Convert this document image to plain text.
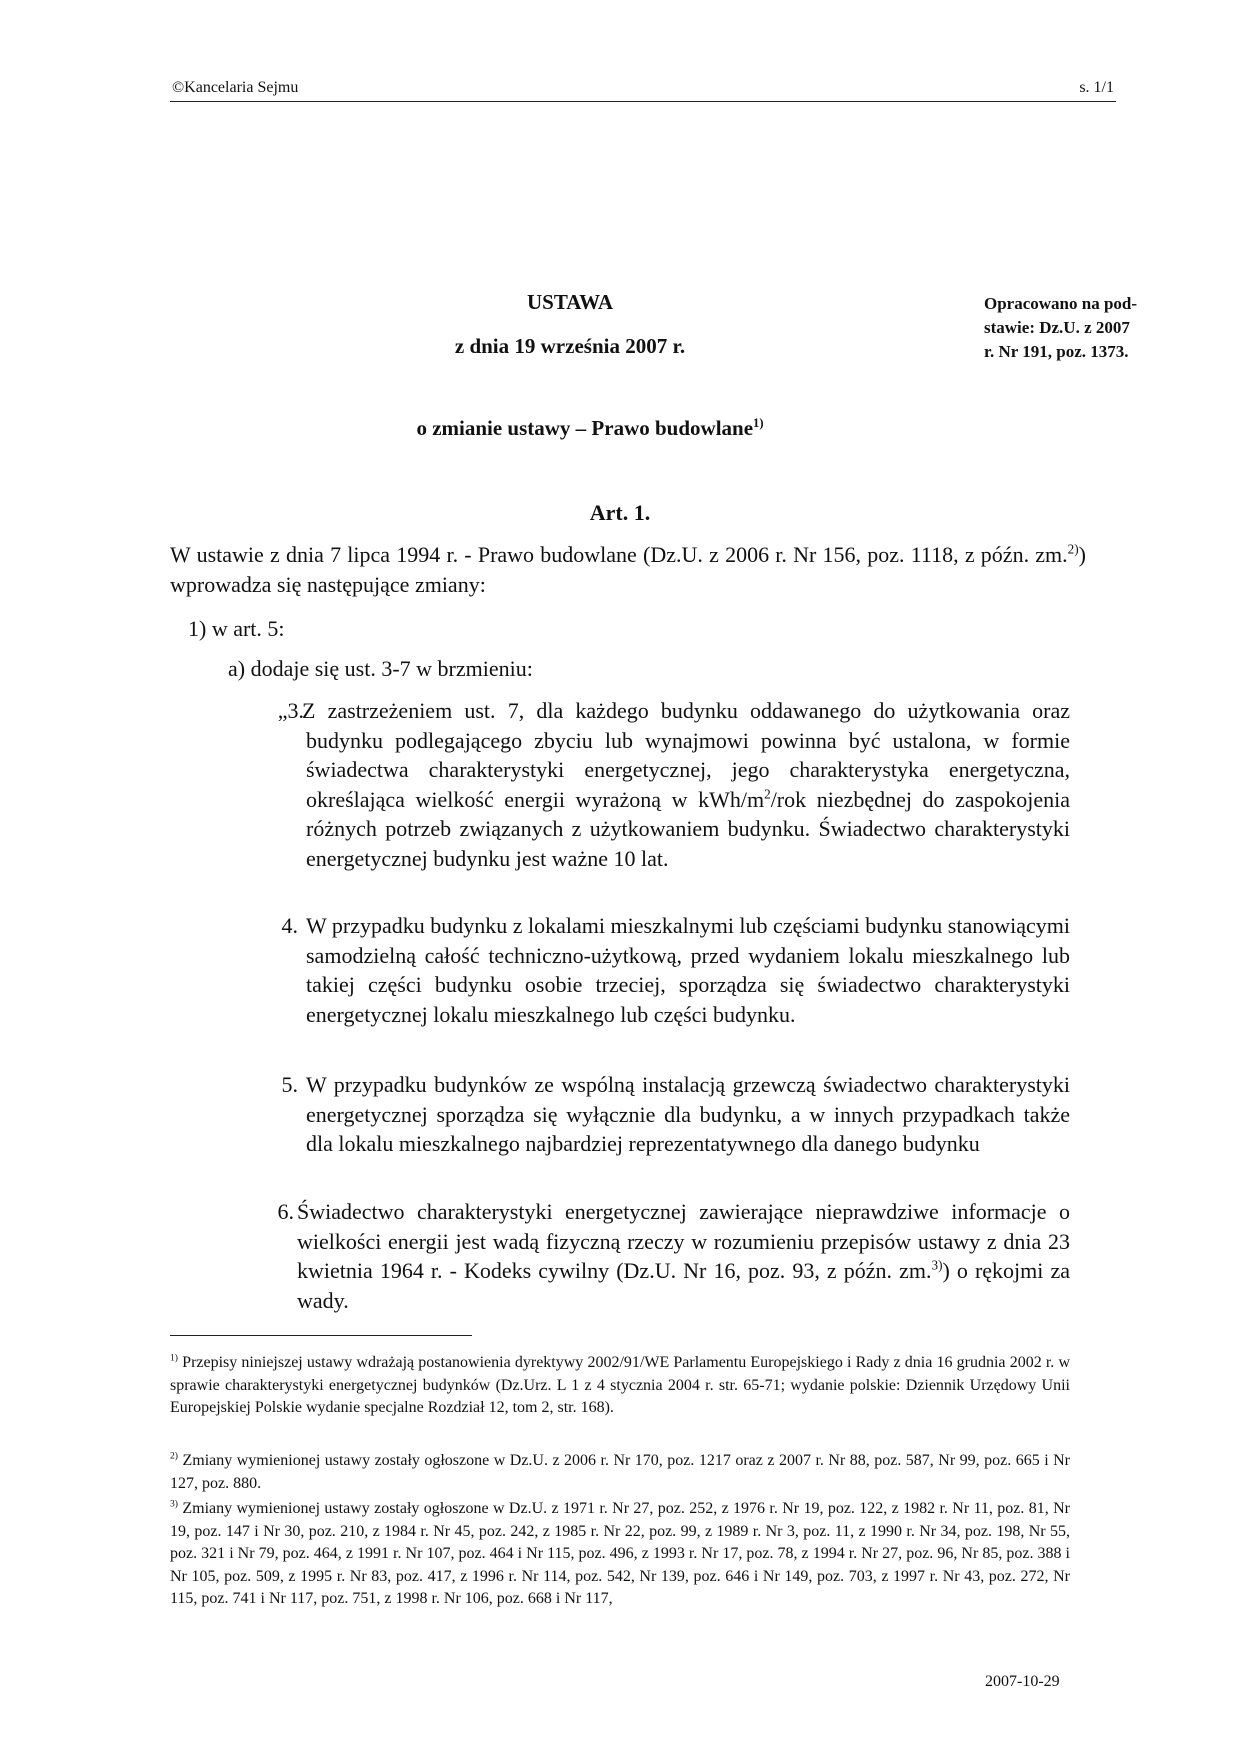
©Kancelaria Sejmu	s. 1/1
USTAWA
z dnia 19 września 2007 r.
Opracowano na pod-
stawie: Dz.U. z 2007
r. Nr 191, poz. 1373.
o zmianie ustawy – Prawo budowlane$^{1)}$
Art. 1.
W ustawie z dnia 7 lipca 1994 r. - Prawo budowlane (Dz.U. z 2006 r. Nr 156, poz. 1118, z późn. zm.$^{2)}$) wprowadza się następujące zmiany:
1) w art. 5:
a) dodaje się ust. 3-7 w brzmieniu:
„3.
Z zastrzeżeniem ust. 7, dla każdego budynku oddawanego do użytkowania oraz budynku podlegającego zbyciu lub wynajmowi powinna być ustalona, w formie świadectwa charakterystyki energetycznej, jego charakterystyka energetyczna, określająca wielkość energii wyrażoną w kWh/$m^2$/rok niezbędnej do zaspokojenia różnych potrzeb związanych z użytkowaniem budynku. Świadectwo charakterystyki energetycznej budynku jest ważne 10 lat.
4. W przypadku budynku z lokalami mieszkalnymi lub częściami budynku stanowiącymi samodzielną całość techniczno-użytkową, przed wydaniem lokalu mieszkalnego lub takiej części budynku osobie trzeciej, sporządza się świadectwo charakterystyki energetycznej lokalu mieszkalnego lub części budynku.
5. W przypadku budynków ze wspólną instalacją grzewczą świadectwo charakterystyki energetycznej sporządza się wyłącznie dla budynku, a w innych przypadkach także dla lokalu mieszkalnego najbardziej reprezentatywnego dla danego budynku
6. Świadectwo charakterystyki energetycznej zawierające nieprawdziwe informacje o wielkości energii jest wadą fizyczną rzeczy w rozumieniu przepisów ustawy z dnia 23 kwietnia 1964 r. - Kodeks cywilny (Dz.U. Nr 16, poz. 93, z późn. zm.$^{3)}$) o rękojmi za wady.
$^{1)}$ Przepisy niniejszej ustawy wdrażają postanowienia dyrektywy 2002/91/WE Parlamentu Europejskiego i Rady z dnia 16 grudnia 2002 r. w sprawie charakterystyki energetycznej budynków (Dz.Urz. L 1 z 4 stycznia 2004 r. str. 65-71; wydanie polskie: Dziennik Urzędowy Unii Europejskiej Polskie wydanie specjalne Rozdział 12, tom 2, str. 168).
$^{2)}$ Zmiany wymienionej ustawy zostały ogłoszone w Dz.U. z 2006 r. Nr 170, poz. 1217 oraz z 2007 r. Nr 88, poz. 587, Nr 99, poz. 665 i Nr 127, poz. 880.
$^{3)}$ Zmiany wymienionej ustawy zostały ogłoszone w Dz.U. z 1971 r. Nr 27, poz. 252, z 1976 r. Nr 19, poz. 122, z 1982 r. Nr 11, poz. 81, Nr 19, poz. 147 i Nr 30, poz. 210, z 1984 r. Nr 45, poz. 242, z 1985 r. Nr 22, poz. 99, z 1989 r. Nr 3, poz. 11, z 1990 r. Nr 34, poz. 198, Nr 55, poz. 321 i Nr 79, poz. 464, z 1991 r. Nr 107, poz. 464 i Nr 115, poz. 496, z 1993 r. Nr 17, poz. 78, z 1994 r. Nr 27, poz. 96, Nr 85, poz. 388 i Nr 105, poz. 509, z 1995 r. Nr 83, poz. 417, z 1996 r. Nr 114, poz. 542, Nr 139, poz. 646 i Nr 149, poz. 703, z 1997 r. Nr 43, poz. 272, Nr 115, poz. 741 i Nr 117, poz. 751, z 1998 r. Nr 106, poz. 668 i Nr 117,
2007-10-29
